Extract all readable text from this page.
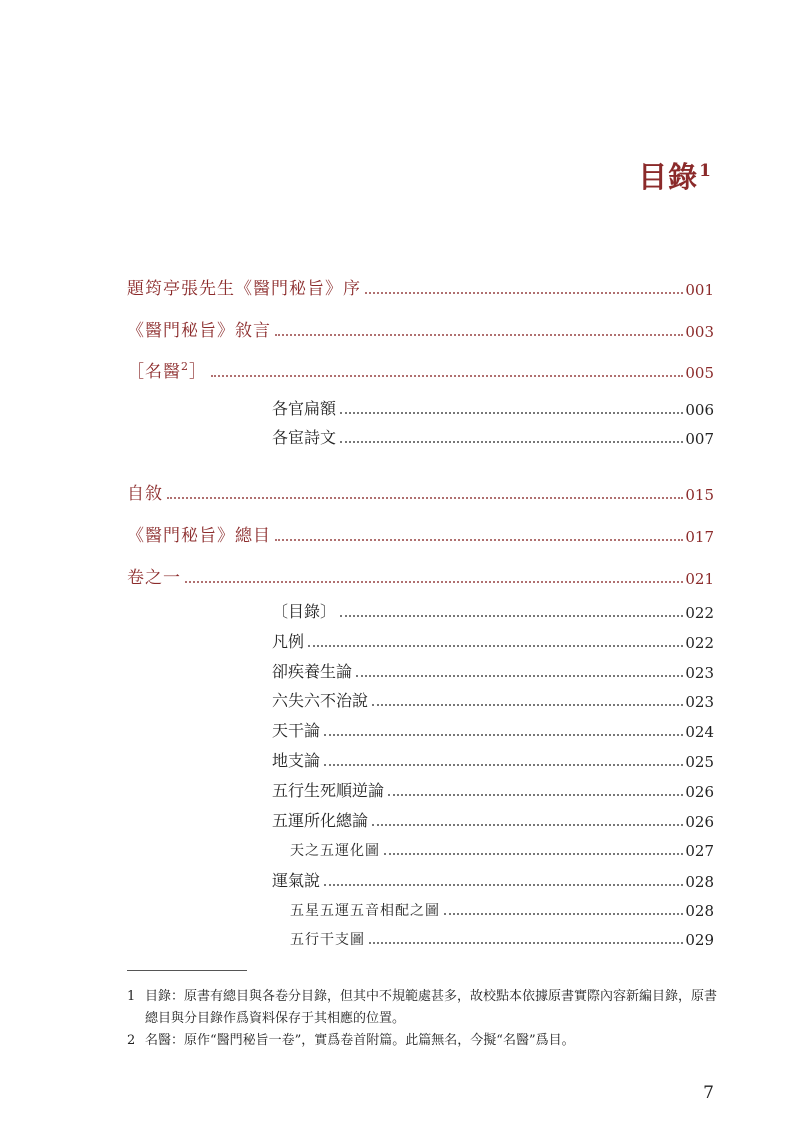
目錄$^1$
題筠亭張先生《醫門秘旨》序	001
《醫門秘旨》敘言	003
［名醫$^2$］	005
各官扁額	006
各宦詩文	007
自敘	015
《醫門秘旨》總目	017
卷之一	021
〔目錄〕	022
凡例	022
卻疾養生論	023
六失六不治說	023
天干論	024
地支論	025
五行生死順逆論	026
五運所化總論	026
天之五運化圖	027
運氣說	028
五星五運五音相配之圖	028
五行干支圖	029
1 目錄：原書有總目與各卷分目錄，但其中不規範處甚多，故校點本依據原書實際內容新編目錄，原書總目與分目錄作爲資料保存于其相應的位置。
2 名醫：原作“醫門秘旨一卷”，實爲卷首附篇。此篇無名，今擬“名醫”爲目。
7
